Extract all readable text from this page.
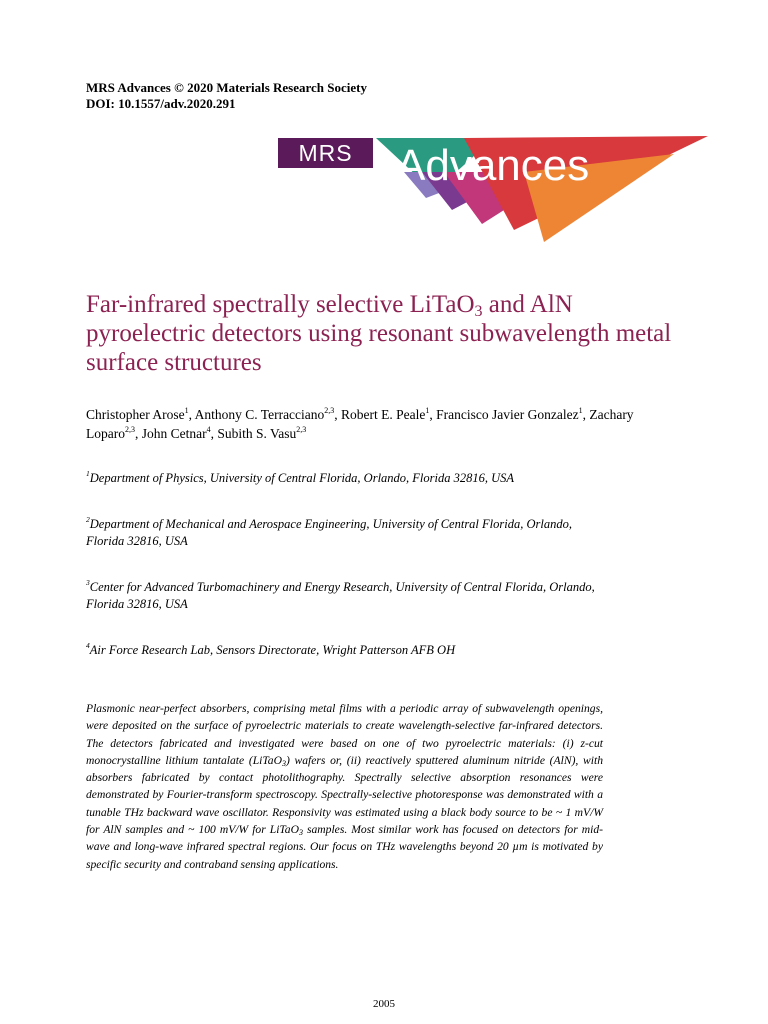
MRS Advances © 2020 Materials Research Society
DOI: 10.1557/adv.2020.291
MRS Advances
Far-infrared spectrally selective LiTaO$_3$ and AlN pyroelectric detectors using resonant subwavelength metal surface structures
Christopher Arose$^1$, Anthony C. Terracciano$^{2,3}$, Robert E. Peale$^1$, Francisco Javier Gonzalez$^1$, Zachary Loparo$^{2,3}$, John Cetnar$^4$, Subith S. Vasu$^{2,3}$
$^1$Department of Physics, University of Central Florida, Orlando, Florida 32816, USA
$^2$Department of Mechanical and Aerospace Engineering, University of Central Florida, Orlando, Florida 32816, USA
$^3$Center for Advanced Turbomachinery and Energy Research, University of Central Florida, Orlando, Florida 32816, USA
$^4$Air Force Research Lab, Sensors Directorate, Wright Patterson AFB OH
Plasmonic near-perfect absorbers, comprising metal films with a periodic array of subwavelength openings, were deposited on the surface of pyroelectric materials to create wavelength-selective far-infrared detectors. The detectors fabricated and investigated were based on one of two pyroelectric materials: (i) z-cut monocrystalline lithium tantalate (LiTaO$_3$) wafers or, (ii) reactively sputtered aluminum nitride (AlN), with absorbers fabricated by contact photolithography. Spectrally selective absorption resonances were demonstrated by Fourier-transform spectroscopy. Spectrally-selective photoresponse was demonstrated with a tunable THz backward wave oscillator. Responsivity was estimated using a black body source to be ~ 1 mV/W for AlN samples and ~ 100 mV/W for LiTaO$_3$ samples. Most similar work has focused on detectors for mid-wave and long-wave infrared spectral regions. Our focus on THz wavelengths beyond 20 µm is motivated by specific security and contraband sensing applications.
2005
